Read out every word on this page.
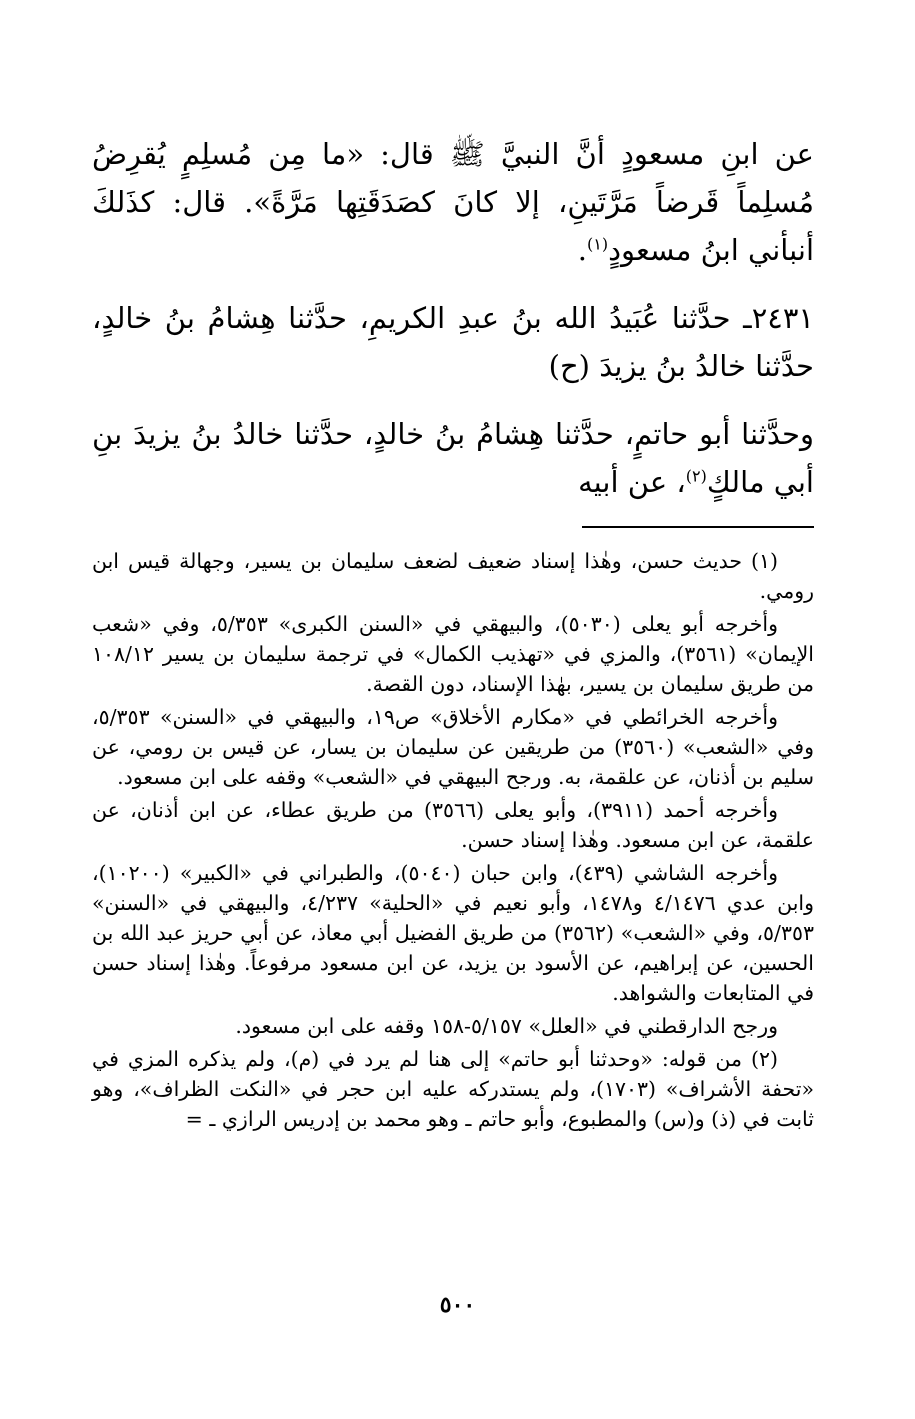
عن ابنِ مسعودٍ أنَّ النبيَّ ﷺ قال: «ما مِن مُسلِمٍ يُقرِضُ مُسلِماً قَرضاً مَرَّتَينِ، إلا كانَ كصَدَقَتِها مَرَّةً». قال: كذَلكَ أنبأني ابنُ مسعودٍ$^{(١)}$.

٢٤٣١ـ حدَّثنا عُبَيدُ الله بنُ عبدِ الكريمِ، حدَّثنا هِشامُ بنُ خالدٍ، حدَّثنا خالدُ بنُ يزيدَ (ح)

وحدَّثنا أبو حاتمٍ، حدَّثنا هِشامُ بنُ خالدٍ، حدَّثنا خالدُ بنُ يزيدَ بنِ أبي مالكٍ$^{(٢)}$، عن أبيه

(١) حديث حسن، وهٰذا إسناد ضعيف لضعف سليمان بن يسير، وجهالة قيس ابن رومي.

وأخرجه أبو يعلى (٥٠٣٠)، والبيهقي في «السنن الكبرى» ٥/٣٥٣، وفي «شعب الإيمان» (٣٥٦١)، والمزي في «تهذيب الكمال» في ترجمة سليمان بن يسير ١٠٨/١٢ من طريق سليمان بن يسير، بهٰذا الإسناد، دون القصة.

وأخرجه الخرائطي في «مكارم الأخلاق» ص١٩، والبيهقي في «السنن» ٥/٣٥٣، وفي «الشعب» (٣٥٦٠) من طريقين عن سليمان بن يسار، عن قيس بن رومي، عن سليم بن أذنان، عن علقمة، به. ورجح البيهقي في «الشعب» وقفه على ابن مسعود.

وأخرجه أحمد (٣٩١١)، وأبو يعلى (٣٥٦٦) من طريق عطاء، عن ابن أذنان، عن علقمة، عن ابن مسعود. وهٰذا إسناد حسن.

وأخرجه الشاشي (٤٣٩)، وابن حبان (٥٠٤٠)، والطبراني في «الكبير» (١٠٢٠٠)، وابن عدي ٤/١٤٧٦ و١٤٧٨، وأبو نعيم في «الحلية» ٤/٢٣٧، والبيهقي في «السنن» ٥/٣٥٣، وفي «الشعب» (٣٥٦٢) من طريق الفضيل أبي معاذ، عن أبي حريز عبد الله بن الحسين، عن إبراهيم، عن الأسود بن يزيد، عن ابن مسعود مرفوعاً. وهٰذا إسناد حسن في المتابعات والشواهد.

ورجح الدارقطني في «العلل» ٥/١٥٧-١٥٨ وقفه على ابن مسعود.

(٢) من قوله: «وحدثنا أبو حاتم» إلى هنا لم يرد في (م)، ولم يذكره المزي في «تحفة الأشراف» (١٧٠٣)، ولم يستدركه عليه ابن حجر في «النكت الظراف»، وهو ثابت في (ذ) و(س) والمطبوع، وأبو حاتم ـ وهو محمد بن إدريس الرازي ـ =

٥٠٠
